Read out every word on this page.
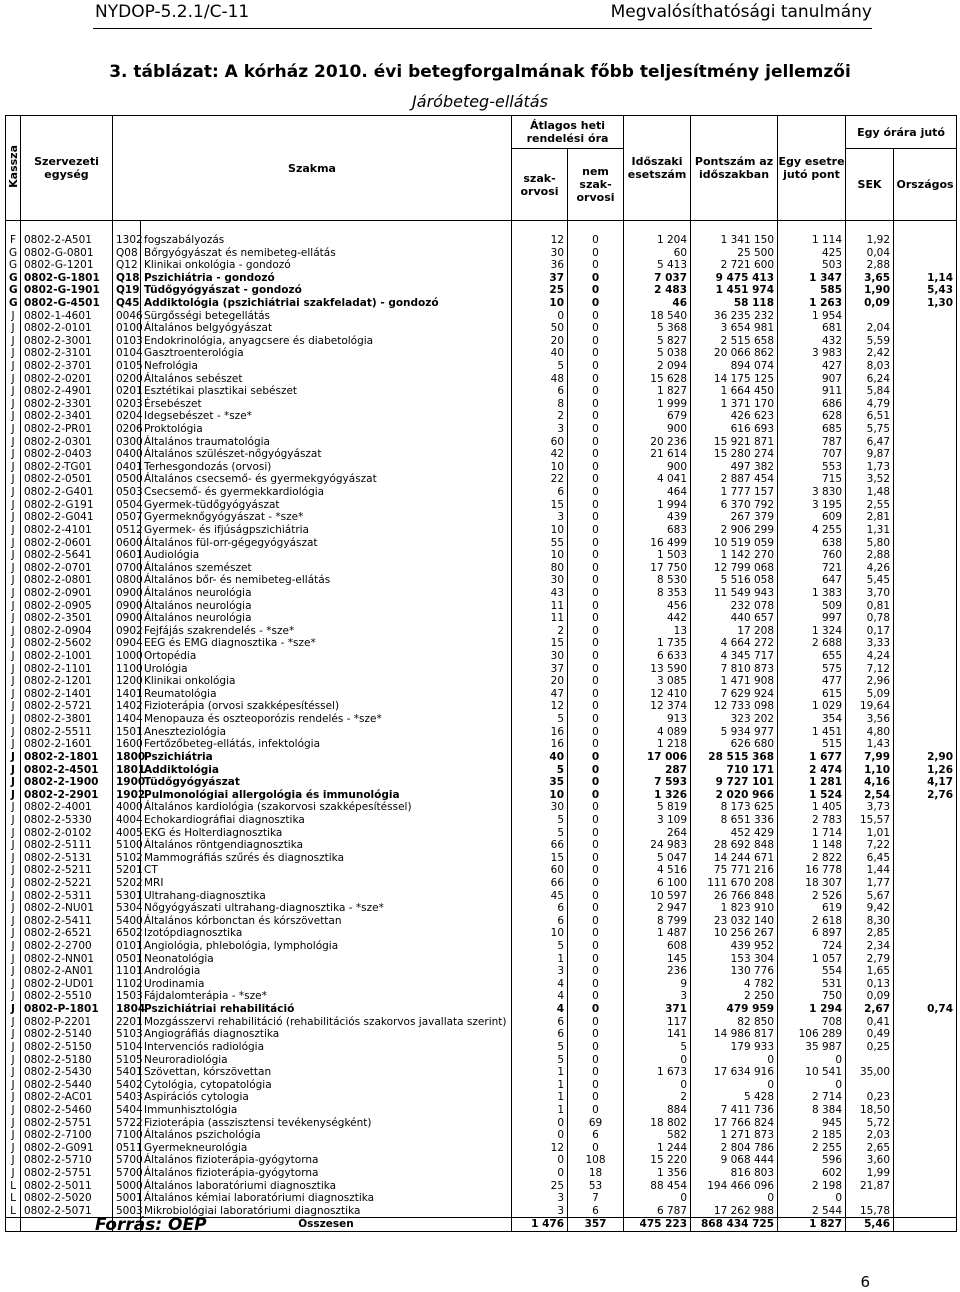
NYDOP-5.2.1/C-11	Megvalósíthatósági tanulmány
3. táblázat: A kórház 2010. évi betegforgalmának főbb teljesítmény jellemzői
Járóbeteg-ellátás
Kassza	Szervezeti egység	Szakma		Átlagos heti rendelési óra		Időszaki esetszám	Pontszám az időszakban	Egy esetre jutó pont	Egy órára jutó	
				szak-orvosi	nem szak-orvosi				SEK	Országos

F	0802-2-A501	1302	fogszabályozás	12	0	1 204	1 341 150	1 114	1,92	
G	0802-G-0801	Q08	Bőrgyógyászat és nemibeteg-ellátás	30	0	60	25 500	425	0,04	
G	0802-G-1201	Q12	Klinikai onkológia - gondozó	36	0	5 413	2 721 600	503	2,88	
G	0802-G-1801	Q18	Pszichiátria - gondozó	37	0	7 037	9 475 413	1 347	3,65	1,14
G	0802-G-1901	Q19	Tüdőgyógyászat - gondozó	25	0	2 483	1 451 974	585	1,90	5,43
G	0802-G-4501	Q45	Addiktológia (pszichiátriai szakfeladat) - gondozó	10	0	46	58 118	1 263	0,09	1,30
J	0802-1-4601	0046	Sürgősségi betegellátás	0	0	18 540	36 235 232	1 954		
J	0802-2-0101	0100	Általános belgyógyászat	50	0	5 368	3 654 981	681	2,04	
J	0802-2-3001	0103	Endokrinológia, anyagcsere és diabetológia	20	0	5 827	2 515 658	432	5,59	
J	0802-2-3101	0104	Gasztroenterológia	40	0	5 038	20 066 862	3 983	2,42	
J	0802-2-3701	0105	Nefrológia	5	0	2 094	894 074	427	8,03	
J	0802-2-0201	0200	Általános sebészet	48	0	15 628	14 175 125	907	6,24	
J	0802-2-4901	0201	Esztétikai plasztikai sebészet	6	0	1 827	1 664 450	911	5,84	
J	0802-2-3301	0203	Érsebészet	8	0	1 999	1 371 170	686	4,79	
J	0802-2-3401	0204	Idegsebészet - *sze*	2	0	679	426 623	628	6,51	
J	0802-2-PR01	0206	Proktológia	3	0	900	616 693	685	5,75	
J	0802-2-0301	0300	Általános traumatológia	60	0	20 236	15 921 871	787	6,47	
J	0802-2-0403	0400	Általános szülészet-nőgyógyászat	42	0	21 614	15 280 274	707	9,87	
J	0802-2-TG01	0401	Terhesgondozás (orvosi)	10	0	900	497 382	553	1,73	
J	0802-2-0501	0500	Általános csecsemő- és gyermekgyógyászat	22	0	4 041	2 887 454	715	3,52	
J	0802-2-G401	0503	Csecsemő- és gyermekkardiológia	6	0	464	1 777 157	3 830	1,48	
J	0802-2-G191	0504	Gyermek-tüdőgyógyászat	15	0	1 994	6 370 792	3 195	2,55	
J	0802-2-G041	0507	Gyermeknőgyógyászat - *sze*	3	0	439	267 379	609	2,81	
J	0802-2-4101	0512	Gyermek- és ifjúságpszichiátria	10	0	683	2 906 299	4 255	1,31	
J	0802-2-0601	0600	Általános fül-orr-gégegyógyászat	55	0	16 499	10 519 059	638	5,80	
J	0802-2-5641	0601	Audiológia	10	0	1 503	1 142 270	760	2,88	
J	0802-2-0701	0700	Általános szemészet	80	0	17 750	12 799 068	721	4,26	
J	0802-2-0801	0800	Általános bőr- és nemibeteg-ellátás	30	0	8 530	5 516 058	647	5,45	
J	0802-2-0901	0900	Általános neurológia	43	0	8 353	11 549 943	1 383	3,70	
J	0802-2-0905	0900	Általános neurológia	11	0	456	232 078	509	0,81	
J	0802-2-3501	0900	Általános neurológia	11	0	442	440 657	997	0,78	
J	0802-2-0904	0902	Fejfájás szakrendelés - *sze*	2	0	13	17 208	1 324	0,17	
J	0802-2-5602	0904	EEG és EMG diagnosztika - *sze*	15	0	1 735	4 664 272	2 688	3,33	
J	0802-2-1001	1000	Ortopédia	30	0	6 633	4 345 717	655	4,24	
J	0802-2-1101	1100	Urológia	37	0	13 590	7 810 873	575	7,12	
J	0802-2-1201	1200	Klinikai onkológia	20	0	3 085	1 471 908	477	2,96	
J	0802-2-1401	1401	Reumatológia	47	0	12 410	7 629 924	615	5,09	
J	0802-2-5721	1402	Fizioterápia (orvosi szakképesítéssel)	12	0	12 374	12 733 098	1 029	19,64	
J	0802-2-3801	1404	Menopauza és oszteoporózis rendelés - *sze*	5	0	913	323 202	354	3,56	
J	0802-2-5511	1501	Aneszteziológia	16	0	4 089	5 934 977	1 451	4,80	
J	0802-2-1601	1600	Fertőzőbeteg-ellátás, infektológia	16	0	1 218	626 680	515	1,43	
J	0802-2-1801	1800	Pszichiátria	40	0	17 006	28 515 368	1 677	7,99	2,90
J	0802-2-4501	1801	Addiktológia	5	0	287	710 171	2 474	1,10	1,26
J	0802-2-1900	1900	Tüdőgyógyászat	35	0	7 593	9 727 101	1 281	4,16	4,17
J	0802-2-2901	1902	Pulmonológiai allergológia és immunológia	10	0	1 326	2 020 966	1 524	2,54	2,76
J	0802-2-4001	4000	Általános kardiológia (szakorvosi szakképesítéssel)	30	0	5 819	8 173 625	1 405	3,73	
J	0802-2-5330	4004	Echokardiográfiai diagnosztika	5	0	3 109	8 651 336	2 783	15,57	
J	0802-2-0102	4005	EKG és Holterdiagnosztika	5	0	264	452 429	1 714	1,01	
J	0802-2-5111	5100	Általános röntgendiagnosztika	66	0	24 983	28 692 848	1 148	7,22	
J	0802-2-5131	5102	Mammográfiás szűrés és diagnosztika	15	0	5 047	14 244 671	2 822	6,45	
J	0802-2-5211	5201	CT	60	0	4 516	75 771 216	16 778	1,44	
J	0802-2-5221	5202	MRI	66	0	6 100	111 670 208	18 307	1,77	
J	0802-2-5311	5301	Ultrahang-diagnosztika	45	0	10 597	26 766 848	2 526	5,67	
J	0802-2-NU01	5304	Nőgyógyászati ultrahang-diagnosztika - *sze*	6	0	2 947	1 823 910	619	9,42	
J	0802-2-5411	5400	Általános kórbonctan és kórszövettan	6	0	8 799	23 032 140	2 618	8,30	
J	0802-2-6521	6502	Izotópdiagnosztika	10	0	1 487	10 256 267	6 897	2,85	
J	0802-2-2700	0101	Angiológia, phlebológia, lymphológia	5	0	608	439 952	724	2,34	
J	0802-2-NN01	0501	Neonatológia	1	0	145	153 304	1 057	2,79	
J	0802-2-AN01	1101	Andrológia	3	0	236	130 776	554	1,65	
J	0802-2-UD01	1102	Urodinamia	4	0	9	4 782	531	0,13	
J	0802-2-5510	1503	Fájdalomterápia - *sze*	4	0	3	2 250	750	0,09	
J	0802-P-1801	1804	Pszichiátriai rehabilitáció	4	0	371	479 959	1 294	2,67	0,74
J	0802-P-2201	2201	Mozgásszervi rehabilitáció (rehabilitációs szakorvos javallata szerint)	6	0	117	82 850	708	0,41	
J	0802-2-5140	5103	Angiográfiás diagnosztika	6	0	141	14 986 817	106 289	0,49	
J	0802-2-5150	5104	Intervenciós radiológia	5	0	5	179 933	35 987	0,25	
J	0802-2-5180	5105	Neuroradiológia	5	0	0	0	0		
J	0802-2-5430	5401	Szövettan, kórszövettan	1	0	1 673	17 634 916	10 541	35,00	
J	0802-2-5440	5402	Cytológia, cytopatológia	1	0	0	0	0		
J	0802-2-AC01	5403	Aspirációs cytologia	1	0	2	5 428	2 714	0,23	
J	0802-2-5460	5404	Immunhisztológia	1	0	884	7 411 736	8 384	18,50	
J	0802-2-5751	5722	Fizioterápia (asszisztensi tevékenységként)	0	69	18 802	17 766 824	945	5,72	
J	0802-2-7100	7100	Általános pszichológia	0	6	582	1 271 873	2 185	2,03	
J	0802-2-G091	0511	Gyermekneurológia	12	0	1 244	2 804 786	2 255	2,65	
J	0802-2-5710	5700	Általános fizioterápia-gyógytorna	0	108	15 220	9 068 444	596	3,60	
J	0802-2-5751	5700	Általános fizioterápia-gyógytorna	0	18	1 356	816 803	602	1,99	
L	0802-2-5011	5000	Általános laboratóriumi diagnosztika	25	53	88 454	194 466 096	2 198	21,87	
L	0802-2-5020	5001	Általános kémiai laboratóriumi diagnosztika	3	7	0	0	0		
L	0802-2-5071	5003	Mikrobiológiai laboratóriumi diagnosztika	3	6	6 787	17 262 988	2 544	15,78	
			Összesen	1 476	357	475 223	868 434 725	1 827	5,46	
Forrás: OEP
6
